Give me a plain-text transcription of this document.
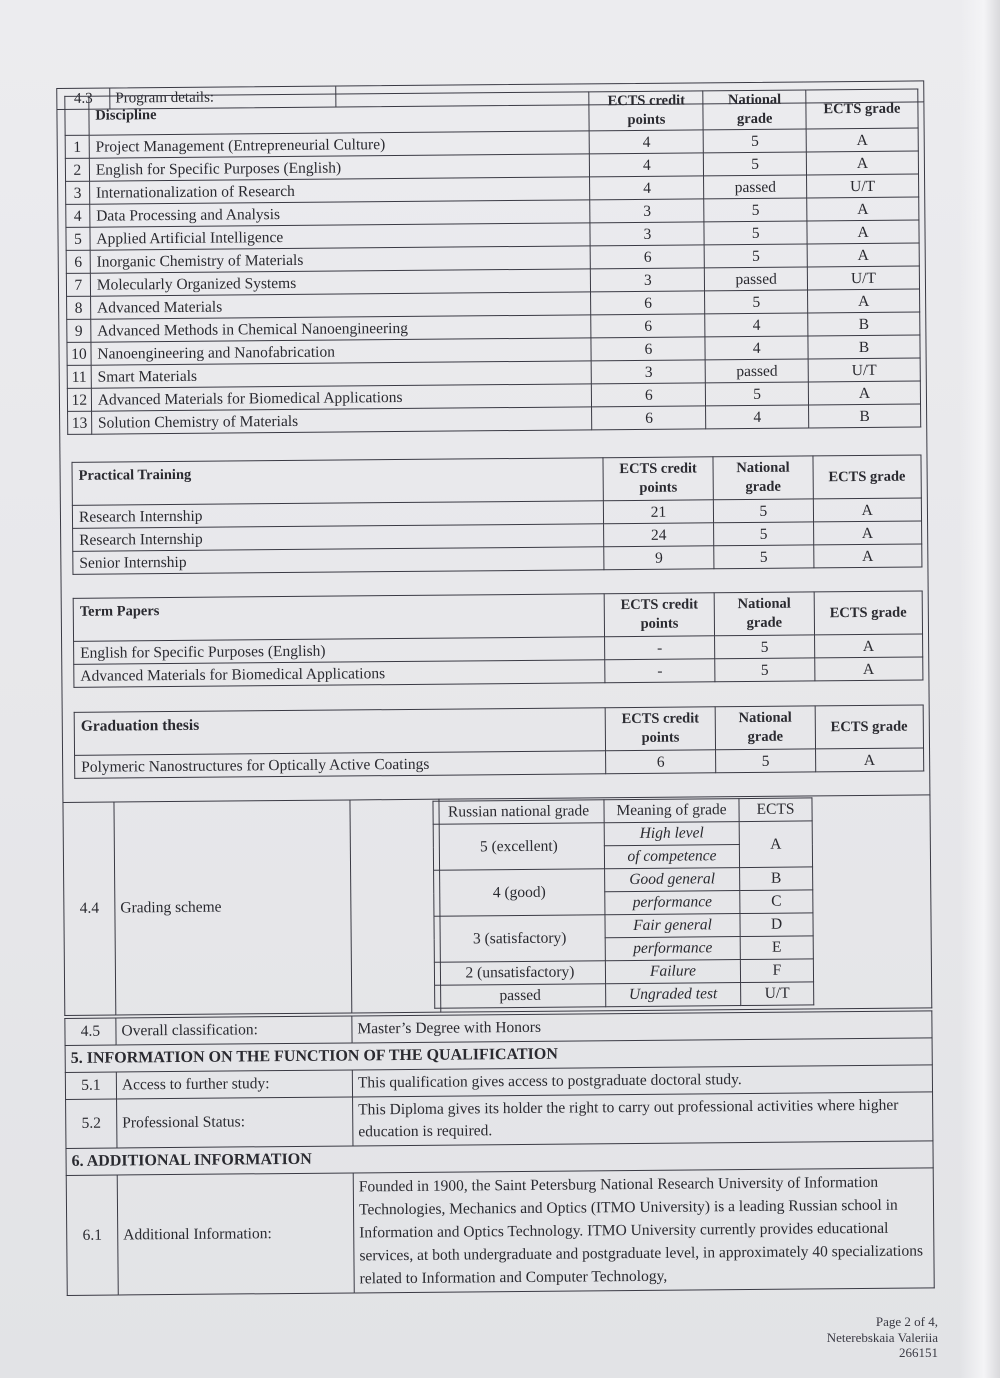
4.3	Program details:
	Discipline	ECTS credit points	National grade	ECTS grade
1	Project Management (Entrepreneurial Culture)	4	5	A
2	English for Specific Purposes (English)	4	5	A
3	Internationalization of Research	4	passed	U/T
4	Data Processing and Analysis	3	5	A
5	Applied Artificial Intelligence	3	5	A
6	Inorganic Chemistry of Materials	6	5	A
7	Molecularly Organized Systems	3	passed	U/T
8	Advanced Materials	6	5	A
9	Advanced Methods in Chemical Nanoengineering	6	4	B
10	Nanoengineering and Nanofabrication	6	4	B
11	Smart Materials	3	passed	U/T
12	Advanced Materials for Biomedical Applications	6	5	A
13	Solution Chemistry of Materials	6	4	B
Practical Training	ECTS credit points	National grade	ECTS grade
Research Internship	21	5	A
Research Internship	24	5	A
Senior Internship	9	5	A
Term Papers	ECTS credit points	National grade	ECTS grade
English for Specific Purposes (English)	-	5	A
Advanced Materials for Biomedical Applications	-	5	A
Graduation thesis	ECTS credit points	National grade	ECTS grade
Polymeric Nanostructures for Optically Active Coatings	6	5	A
4.4	Grading scheme		
Russian national grade	Meaning of grade	ECTS
5 (excellent)	High level	A
	of competence	
4 (good)	Good general	B
	performance	C
3 (satisfactory)	Fair general	D
	performance	E
2 (unsatisfactory)	Failure	F
passed	Ungraded test	U/T
4.5	Overall classification:	Master’s Degree with Honors
5. INFORMATION ON THE FUNCTION OF THE QUALIFICATION		
5.1	Access to further study:	This qualification gives access to postgraduate doctoral study.
5.2	Professional Status:	This Diploma gives its holder the right to carry out professional activities where higher education is required.
6. ADDITIONAL INFORMATION		
6.1	Additional Information:	Founded in 1900, the Saint Petersburg National Research University of Information Technologies, Mechanics and Optics (ITMO University) is a leading Russian school in Information and Optics Technology. ITMO University currently provides educational services, at both undergraduate and postgraduate level, in approximately 40 specializations related to Information and Computer Technology,
Page 2 of 4,
Neterebskaia Valeriia
266151
